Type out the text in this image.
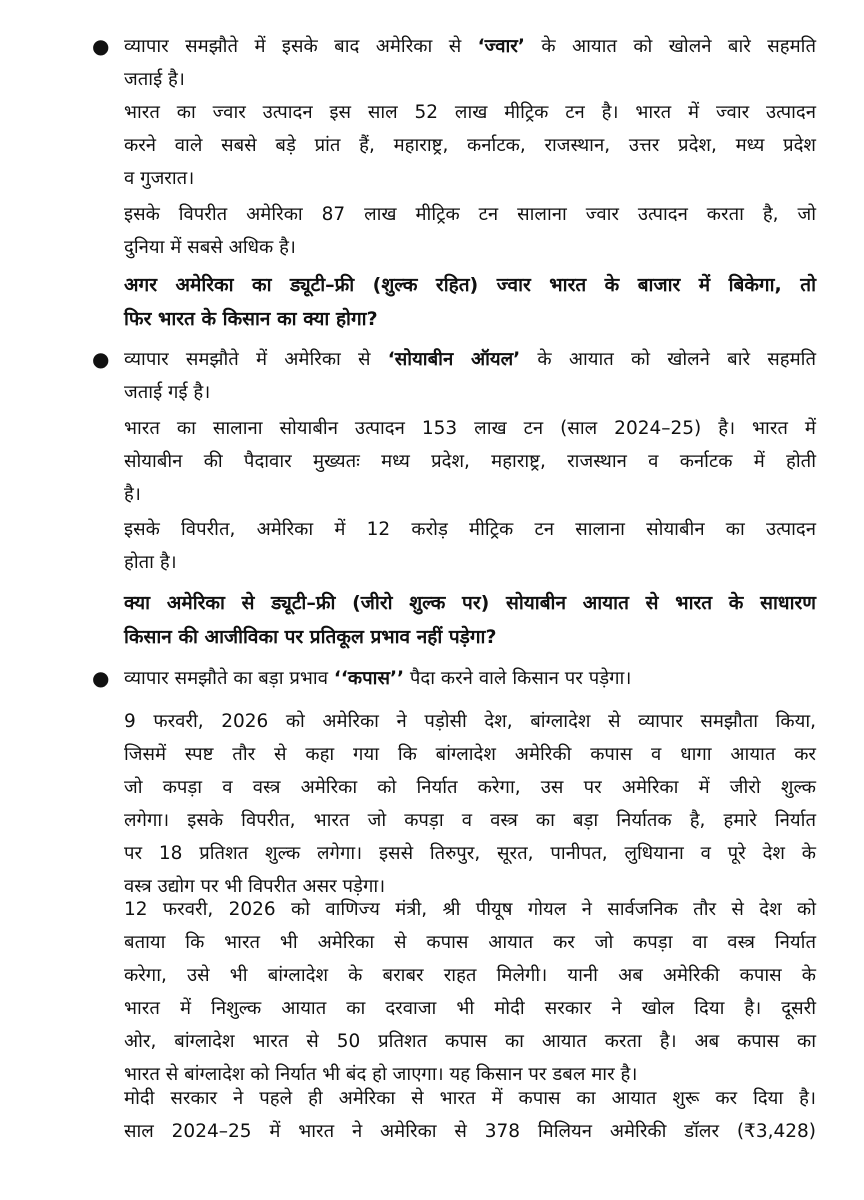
● व्यापार समझौते में इसके बाद अमेरिका से ‘ज्वार’ के आयात को खोलने बारे सहमति

जताई है।

भारत का ज्वार उत्पादन इस साल 52 लाख मीट्रिक टन है। भारत में ज्वार उत्पादन

करने वाले सबसे बड़े प्रांत हैं, महाराष्ट्र, कर्नाटक, राजस्थान, उत्तर प्रदेश, मध्य प्रदेश

व गुजरात।

इसके विपरीत अमेरिका 87 लाख मीट्रिक टन सालाना ज्वार उत्पादन करता है, जो

दुनिया में सबसे अधिक है।

अगर अमेरिका का ड्यूटी–फ्री (शुल्क रहित) ज्वार भारत के बाजार में बिकेगा, तो

फिर भारत के किसान का क्या होगा?

● व्यापार समझौते में अमेरिका से ‘सोयाबीन ऑयल’ के आयात को खोलने बारे सहमति

जताई गई है।

भारत का सालाना सोयाबीन उत्पादन 153 लाख टन (साल 2024–25) है। भारत में

सोयाबीन की पैदावार मुख्यतः मध्य प्रदेश, महाराष्ट्र, राजस्थान व कर्नाटक में होती

है।

इसके विपरीत, अमेरिका में 12 करोड़ मीट्रिक टन सालाना सोयाबीन का उत्पादन

होता है।

क्या अमेरिका से ड्यूटी–फ्री (जीरो शुल्क पर) सोयाबीन आयात से भारत के साधारण

किसान की आजीविका पर प्रतिकूल प्रभाव नहीं पड़ेगा?

● व्यापार समझौते का बड़ा प्रभाव ‘‘कपास’’ पैदा करने वाले किसान पर पड़ेगा।

9 फरवरी, 2026 को अमेरिका ने पड़ोसी देश, बांग्लादेश से व्यापार समझौता किया,

जिसमें स्पष्ट तौर से कहा गया कि बांग्लादेश अमेरिकी कपास व धागा आयात कर

जो कपड़ा व वस्त्र अमेरिका को निर्यात करेगा, उस पर अमेरिका में जीरो शुल्क

लगेगा। इसके विपरीत, भारत जो कपड़ा व वस्त्र का बड़ा निर्यातक है, हमारे निर्यात

पर 18 प्रतिशत शुल्क लगेगा। इससे तिरुपुर, सूरत, पानीपत, लुधियाना व पूरे देश के

वस्त्र उद्योग पर भी विपरीत असर पड़ेगा।

12 फरवरी, 2026 को वाणिज्य मंत्री, श्री पीयूष गोयल ने सार्वजनिक तौर से देश को

बताया कि भारत भी अमेरिका से कपास आयात कर जो कपड़ा वा वस्त्र निर्यात

करेगा, उसे भी बांग्लादेश के बराबर राहत मिलेगी। यानी अब अमेरिकी कपास के

भारत में निशुल्क आयात का दरवाजा भी मोदी सरकार ने खोल दिया है। दूसरी

ओर, बांग्लादेश भारत से 50 प्रतिशत कपास का आयात करता है। अब कपास का

भारत से बांग्लादेश को निर्यात भी बंद हो जाएगा। यह किसान पर डबल मार है।

मोदी सरकार ने पहले ही अमेरिका से भारत में कपास का आयात शुरू कर दिया है।

साल 2024–25 में भारत ने अमेरिका से 378 मिलियन अमेरिकी डॉलर (₹3,428)
